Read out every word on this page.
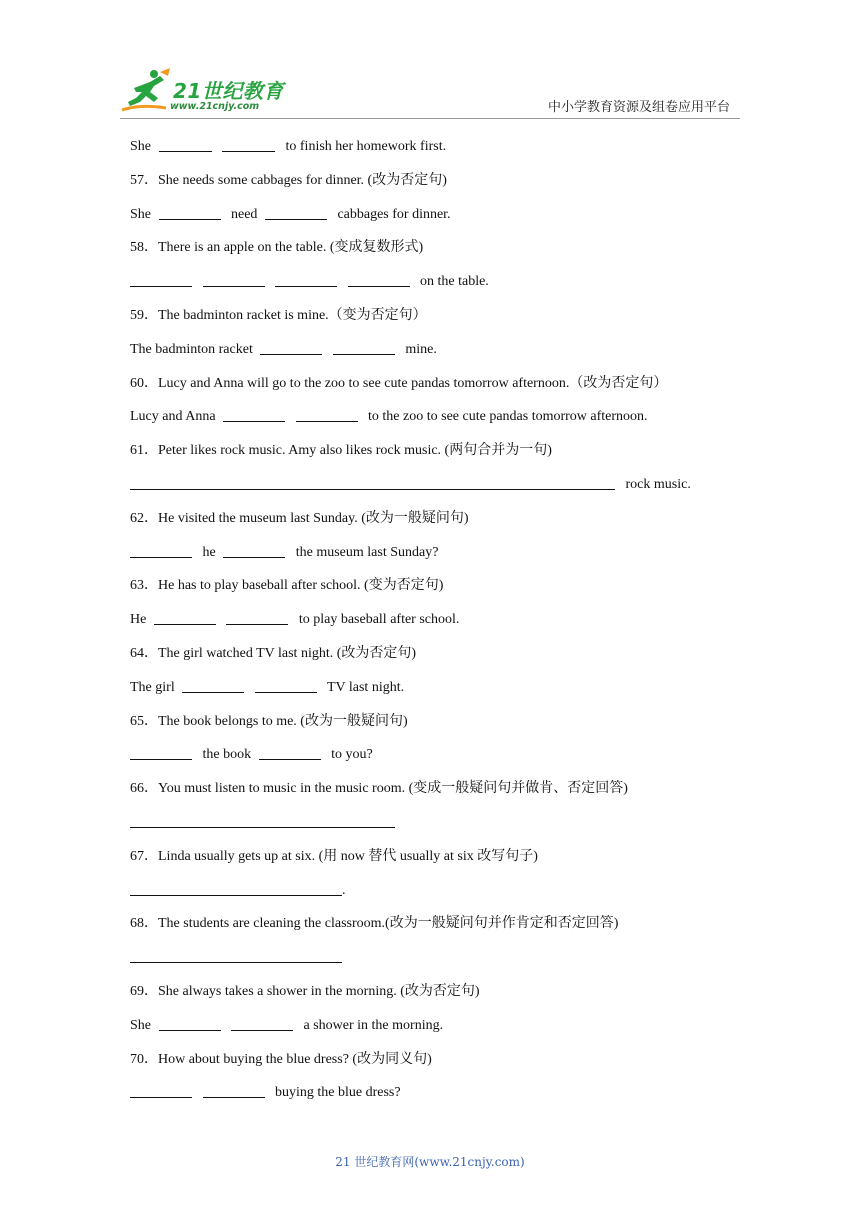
21世纪教育
www.21cnjy.com	中小学教育资源及组卷应用平台
She	to finish her homework first.
57．She needs some cabbages for dinner. (改为否定句)
She	need	cabbages for dinner.
58．There is an apple on the table. (变成复数形式)
on the table.
59．The badminton racket is mine.（变为否定句）
The badminton racket	mine.
60．Lucy and Anna will go to the zoo to see cute pandas tomorrow afternoon.（改为否定句）
Lucy and Anna	to the zoo to see cute pandas tomorrow afternoon.
61．Peter likes rock music. Amy also likes rock music. (两句合并为一句)
rock music.
62．He visited the museum last Sunday. (改为一般疑问句)
he	the museum last Sunday?
63．He has to play baseball after school. (变为否定句)
He	to play baseball after school.
64．The girl watched TV last night. (改为否定句)
The girl	TV last night.
65．The book belongs to me. (改为一般疑问句)
the book	to you?
66．You must listen to music in the music room. (变成一般疑问句并做肯、否定回答)
67．Linda usually gets up at six. (用 now 替代 usually at six 改写句子)
.
68．The students are cleaning the classroom.(改为一般疑问句并作肯定和否定回答)
69．She always takes a shower in the morning. (改为否定句)
She	a shower in the morning.
70．How about buying the blue dress? (改为同义句)
buying the blue dress?
21 世纪教育网(www.21cnjy.com)
